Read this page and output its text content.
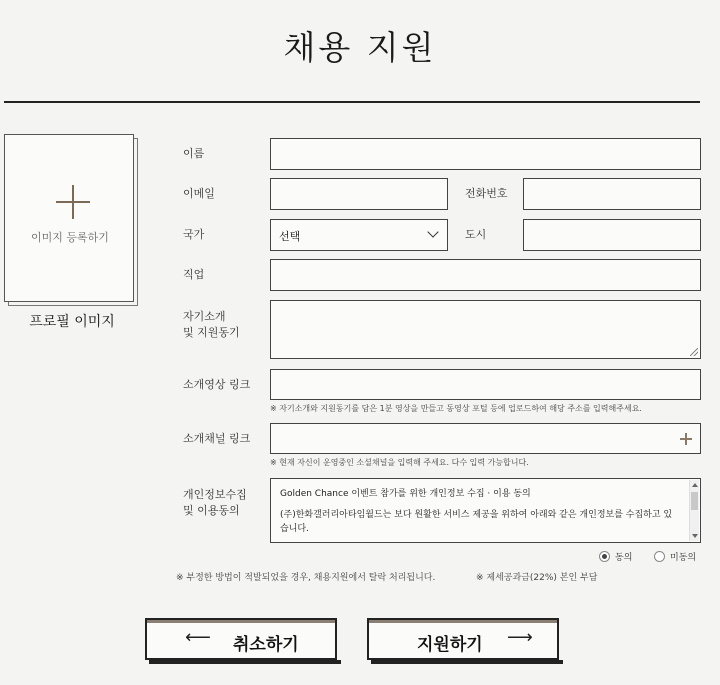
채용 지원
이미지 등록하기
프로필 이미지
이름
이메일	전화번호
국가	선택	도시
직업
자기소개
및 지원동기
소개영상 링크
※ 자기소개와 지원동기를 담은 1분 영상을 만들고 동영상 포털 등에 업로드하여 해당 주소를 입력해주세요.
소개채널 링크
※ 현재 자신이 운영중인 소셜채널을 입력해 주세요. 다수 입력 가능합니다.
개인정보수집
및 이용동의

Golden Chance 이벤트 참가를 위한 개인정보 수집 · 이용 동의

(주)한화갤러리아타임월드는 보다 원활한 서비스 제공을 위하여 아래와 같은 개인정보를 수집하고 있습니다.

동의	미동의
※ 부정한 방법이 적발되었을 경우, 채용지원에서 탈락 처리됩니다.	※ 제세공과금(22%) 본인 부담
⟵ 취소하기	지원하기 ⟶
